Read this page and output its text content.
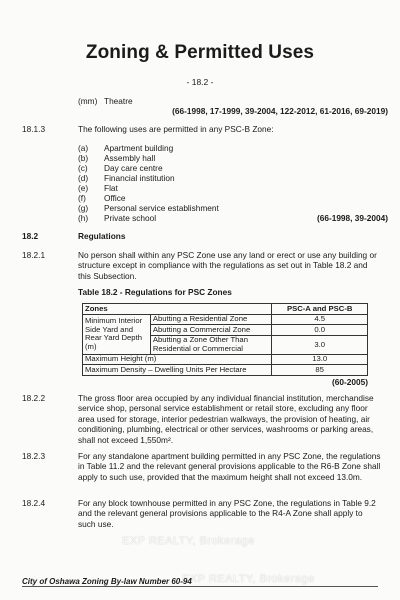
Zoning & Permitted Uses
- 18.2 -
(mm) Theatre
(66-1998, 17-1999, 39-2004, 122-2012, 61-2016, 69-2019)
18.1.3	The following uses are permitted in any PSC-B Zone:
(a) Apartment building
(b) Assembly hall
(c) Day care centre
(d) Financial institution
(e) Flat
(f) Office
(g) Personal service establishment
(h) Private school	(66-1998, 39-2004)
18.2	Regulations
18.2.1	No person shall within any PSC Zone use any land or erect or use any building or structure except in compliance with the regulations as set out in Table 18.2 and this Subsection.
Table 18.2 - Regulations for PSC Zones
Zones		PSC-A and PSC-B
Minimum Interior Side Yard and Rear Yard Depth (m)	Abutting a Residential Zone	4.5
	Abutting a Commercial Zone	0.0
	Abutting a Zone Other Than Residential or Commercial	3.0
Maximum Height (m)		13.0
Maximum Density – Dwelling Units Per Hectare		85
(60-2005)
18.2.2	The gross floor area occupied by any individual financial institution, merchandise service shop, personal service establishment or retail store, excluding any floor area used for storage, interior pedestrian walkways, the provision of heating, air conditioning, plumbing, electrical or other services, washrooms or parking areas, shall not exceed 1,550m².
18.2.3	For any standalone apartment building permitted in any PSC Zone, the regulations in Table 11.2 and the relevant general provisions applicable to the R6-B Zone shall apply to such use, provided that the maximum height shall not exceed 13.0m.
18.2.4	For any block townhouse permitted in any PSC Zone, the regulations in Table 9.2 and the relevant general provisions applicable to the R4-A Zone shall apply to such use.
EXP REALTY, Brokerage
EXP REALTY, Brokerage
City of Oshawa Zoning By-law Number 60-94
